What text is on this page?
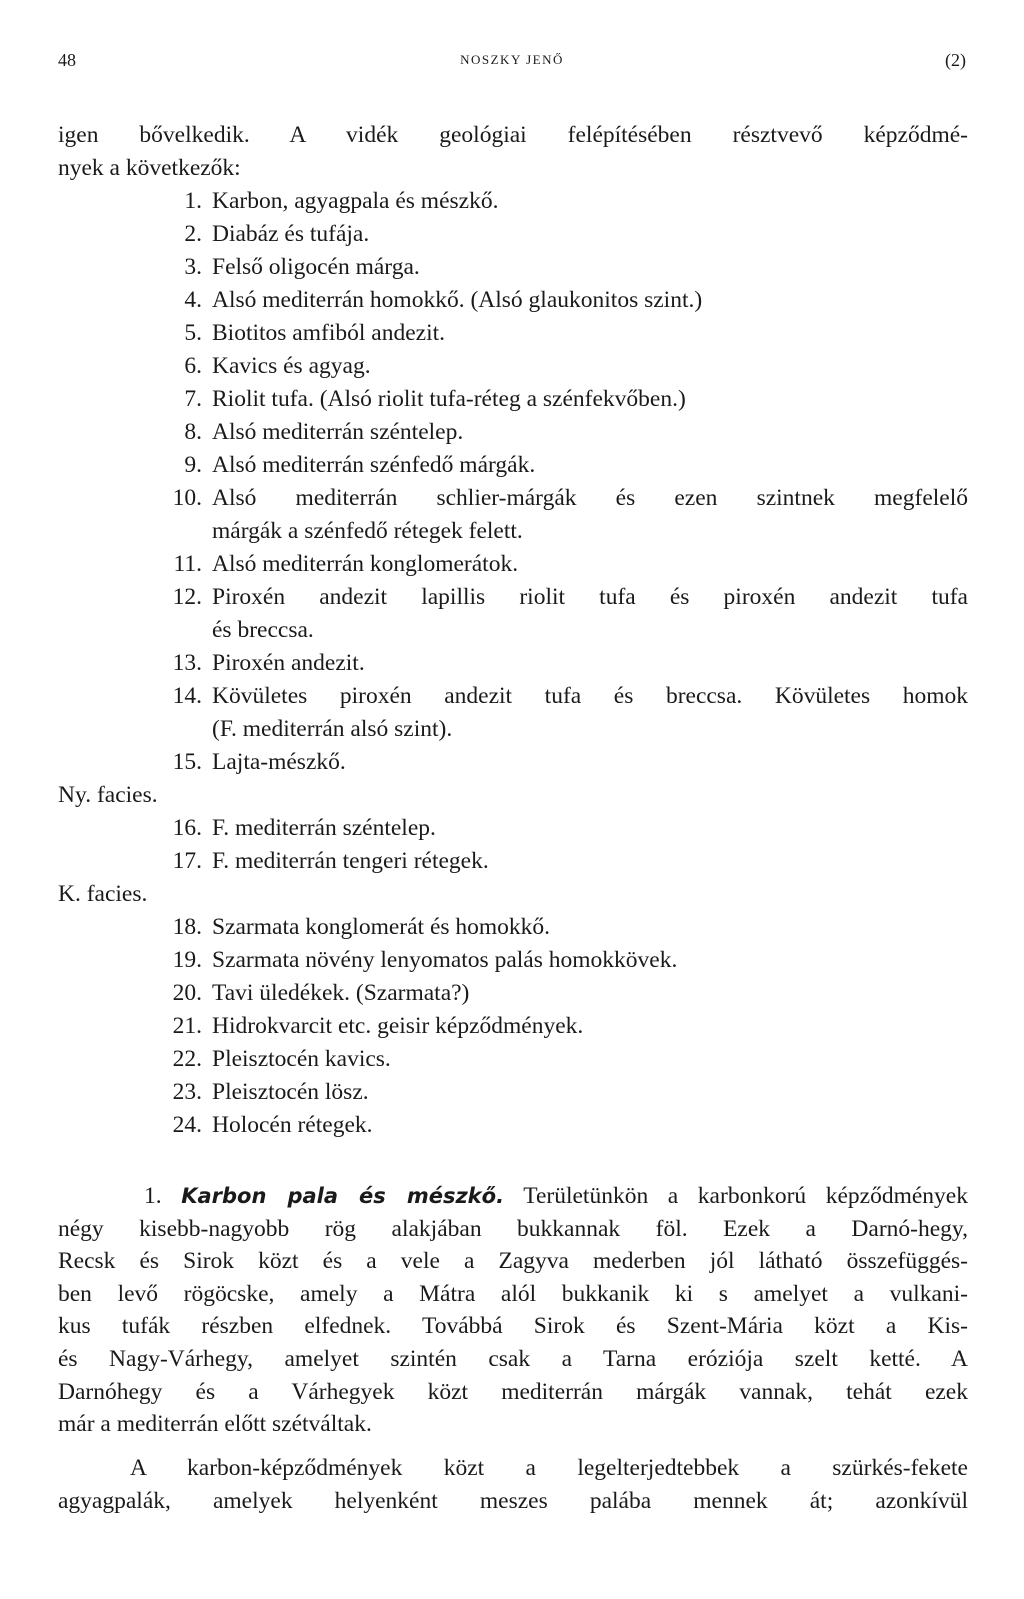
48	NOSZKY JENŐ	(2)
igen bővelkedik. A vidék geológiai felépítésében résztvevő képződmé-
nyek a következők:
1. Karbon, agyagpala és mészkő.
2. Diabáz és tufája.
3. Felső oligocén márga.
4. Alsó mediterrán homokkő. (Alsó glaukonitos szint.)
5. Biotitos amfiból andezit.
6. Kavics és agyag.
7. Riolit tufa. (Alsó riolit tufa-réteg a szénfekvőben.)
8. Alsó mediterrán széntelep.
9. Alsó mediterrán szénfedő márgák.
10. Alsó mediterrán schlier-márgák és ezen szintnek megfelelő
márgák a szénfedő rétegek felett.
11. Alsó mediterrán konglomerátok.
12. Piroxén andezit lapillis riolit tufa és piroxén andezit tufa
és breccsa.
13. Piroxén andezit.
14. Kövületes piroxén andezit tufa és breccsa. Kövületes homok
(F. mediterrán alsó szint).
15. Lajta-mészkő.
Ny. facies.
16. F. mediterrán széntelep.
17. F. mediterrán tengeri rétegek.
K. facies.
18. Szarmata konglomerát és homokkő.
19. Szarmata növény lenyomatos palás homokkövek.
20. Tavi üledékek. (Szarmata?)
21. Hidrokvarcit etc. geisir képződmények.
22. Pleisztocén kavics.
23. Pleisztocén lösz.
24. Holocén rétegek.
1. Karbon pala és mészkő. Területünkön a karbonkorú képződmények
négy kisebb-nagyobb rög alakjában bukkannak föl. Ezek a Darnó-hegy,
Recsk és Sirok közt és a vele a Zagyva mederben jól látható összefüggés-
ben levő rögöcske, amely a Mátra alól bukkanik ki s amelyet a vulkani-
kus tufák részben elfednek. Továbbá Sirok és Szent-Mária közt a Kis-
és Nagy-Várhegy, amelyet szintén csak a Tarna eróziója szelt ketté. A
Darnóhegy és a Várhegyek közt mediterrán márgák vannak, tehát ezek
már a mediterrán előtt szétváltak.
A karbon-képződmények közt a legelterjedtebbek a szürkés-fekete
agyagpalák, amelyek helyenként meszes palába mennek át; azonkívül
